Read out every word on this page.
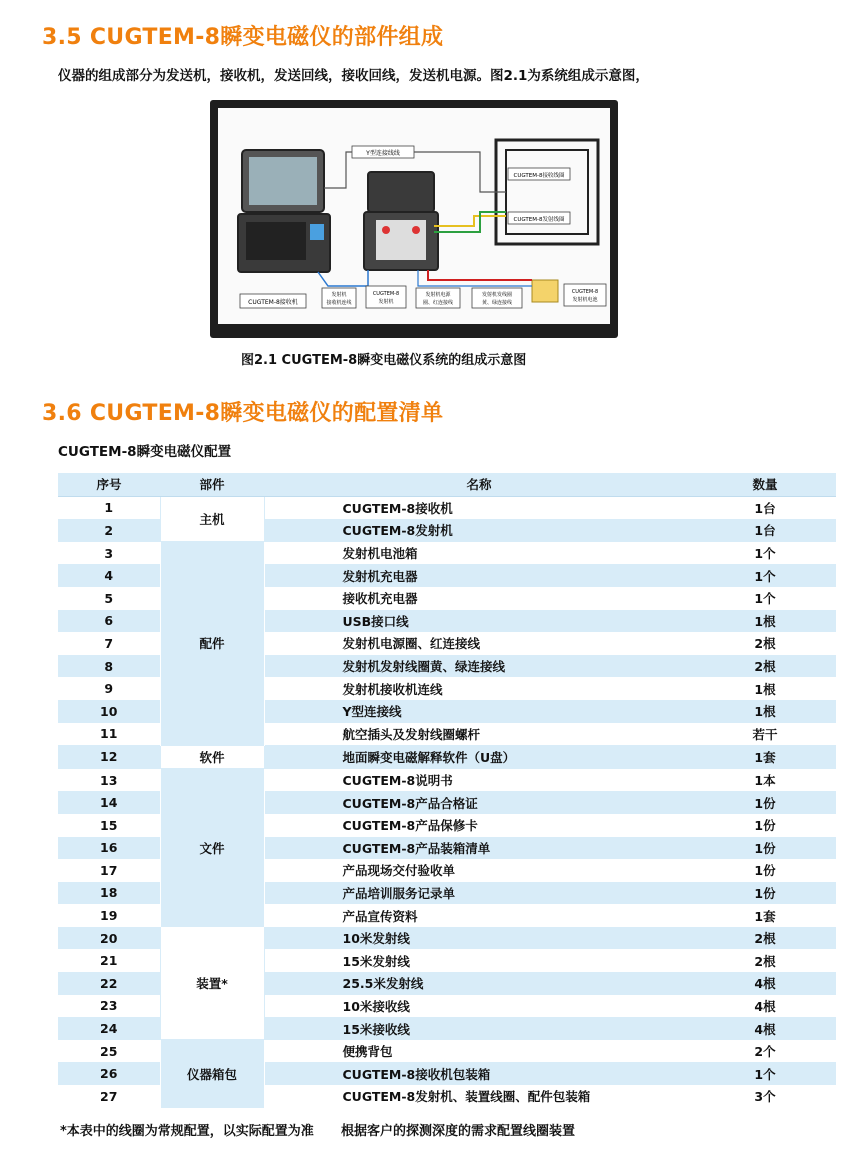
3.5 CUGTEM-8瞬变电磁仪的部件组成
仪器的组成部分为发送机，接收机，发送回线，接收回线，发送机电源。图2.1为系统组成示意图，
CUGTEM-8接收机
Y型连接线线
CUGTEM-8接收线圈
CUGTEM-8发射线圈
发射机接收机连线
CUGTEM-8 发射机
发射机电源圈、红连接线
发射机发线圈黄、绿连接线
CUGTEM-8 发射机电池
图2.1 CUGTEM-8瞬变电磁仪系统的组成示意图
3.6 CUGTEM-8瞬变电磁仪的配置清单
CUGTEM-8瞬变电磁仪配置
序号	部件	名称	数量
1	主机	CUGTEM-8接收机	1台
2		CUGTEM-8发射机	1台
3	配件	发射机电池箱	1个
4		发射机充电器	1个
5		接收机充电器	1个
6		USB接口线	1根
7		发射机电源圈、红连接线	2根
8		发射机发射线圈黄、绿连接线	2根
9		发射机接收机连线	1根
10		Y型连接线	1根
11		航空插头及发射线圈螺杆	若干
12	软件	地面瞬变电磁解释软件（U盘）	1套
13	文件	CUGTEM-8说明书	1本
14		CUGTEM-8产品合格证	1份
15		CUGTEM-8产品保修卡	1份
16		CUGTEM-8产品装箱清单	1份
17		产品现场交付验收单	1份
18		产品培训服务记录单	1份
19		产品宣传资料	1套
20	装置*	10米发射线	2根
21		15米发射线	2根
22		25.5米发射线	4根
23		10米接收线	4根
24		15米接收线	4根
25	仪器箱包	便携背包	2个
26		CUGTEM-8接收机包装箱	1个
27		CUGTEM-8发射机、装置线圈、配件包装箱	3个
*本表中的线圈为常规配置，以实际配置为准 根据客户的探测深度的需求配置线圈装置
